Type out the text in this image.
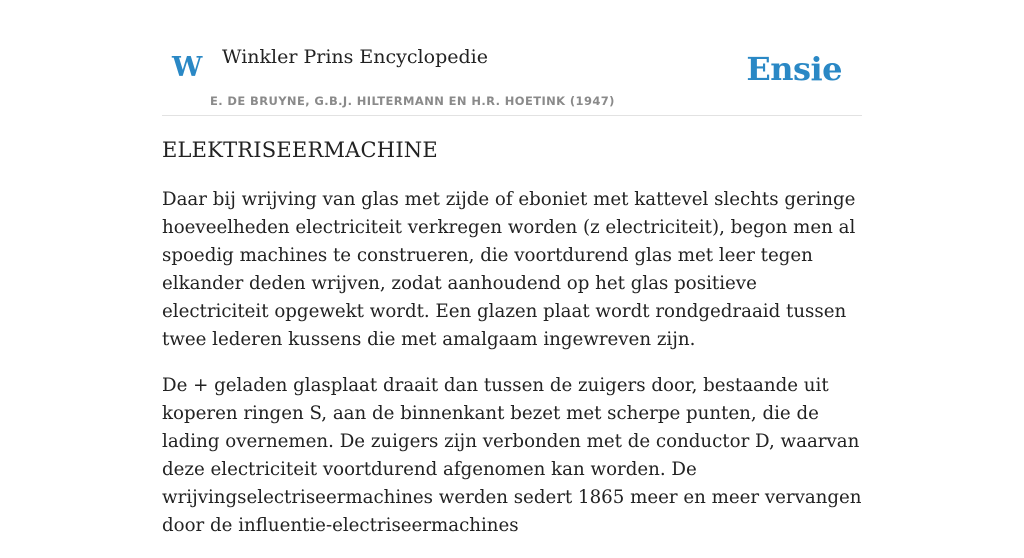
W Winkler Prins Encyclopedie
E. DE BRUYNE, G.B.J. HILTERMANN EN H.R. HOETINK (1947)
Ensie
ELEKTRISEERMACHINE

Daar bij wrijving van glas met zijde of eboniet met kattevel slechts geringe hoeveelheden electriciteit verkregen worden (z electriciteit), begon men al spoedig machines te construeren, die voortdurend glas met leer tegen elkander deden wrijven, zodat aanhoudend op het glas positieve electriciteit opgewekt wordt. Een glazen plaat wordt rondgedraaid tussen twee lederen kussens die met amalgaam ingewreven zijn.

De + geladen glasplaat draait dan tussen de zuigers door, bestaande uit koperen ringen S, aan de binnenkant bezet met scherpe punten, die de lading overnemen. De zuigers zijn verbonden met de conductor D, waarvan deze electriciteit voortdurend afgenomen kan worden. De wrijvingselectriseermachines werden sedert 1865 meer en meer vervangen door de influentie-electriseermachines
